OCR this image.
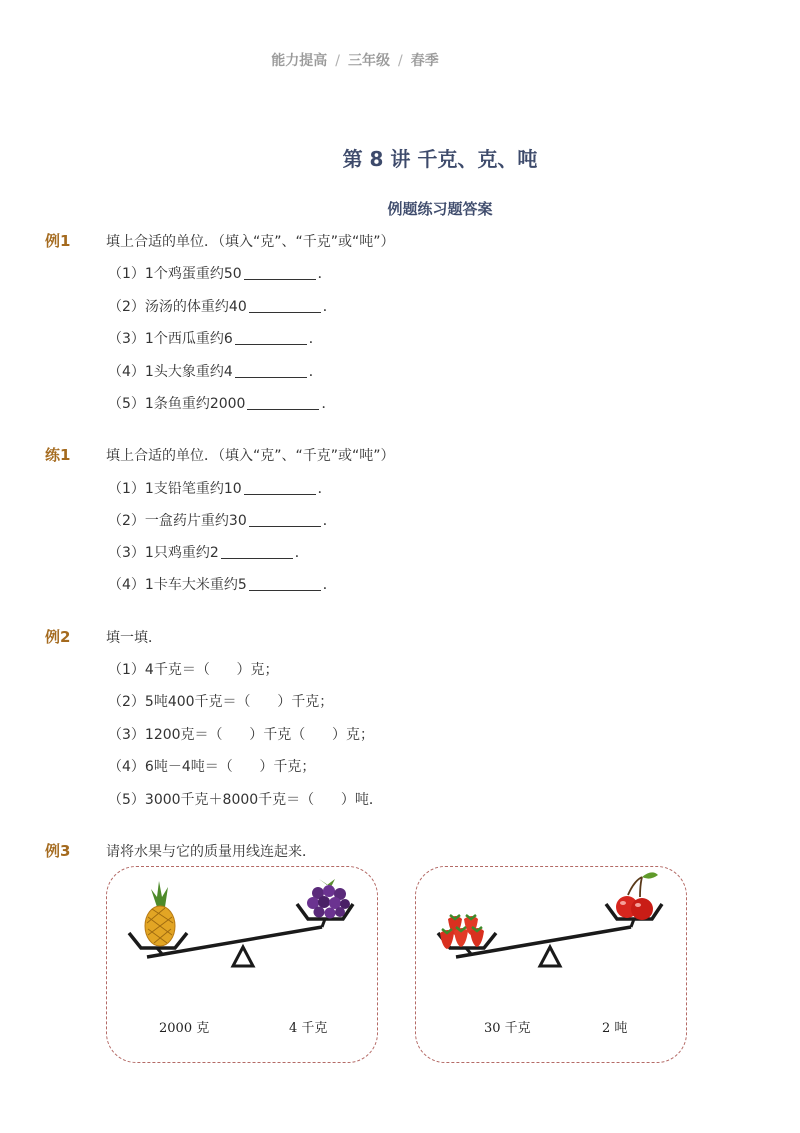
能力提高 / 三年级 / 春季
第 8 讲 千克、克、吨
例题练习题答案
例1	填上合适的单位．（填入“克”、“千克”或“吨”）
（1）1个鸡蛋重约50	．
（2）汤汤的体重约40	．
（3）1个西瓜重约6	．
（4）1头大象重约4	．
（5）1条鱼重约2000	．
练1	填上合适的单位．（填入“克”、“千克”或“吨”）
（1）1支铅笔重约10	．
（2）一盒药片重约30	．
（3）1只鸡重约2	．
（4）1卡车大米重约5	．
例2	填一填．
（1）4千克＝（      ）克；
（2）5吨400千克＝（      ）千克；
（3）1200克＝（      ）千克（      ）克；
（4）6吨－4吨＝（      ）千克；
（5）3000千克＋8000千克＝（      ）吨．
例3	请将水果与它的质量用线连起来．
2000 克	4 千克	30 千克	2 吨
